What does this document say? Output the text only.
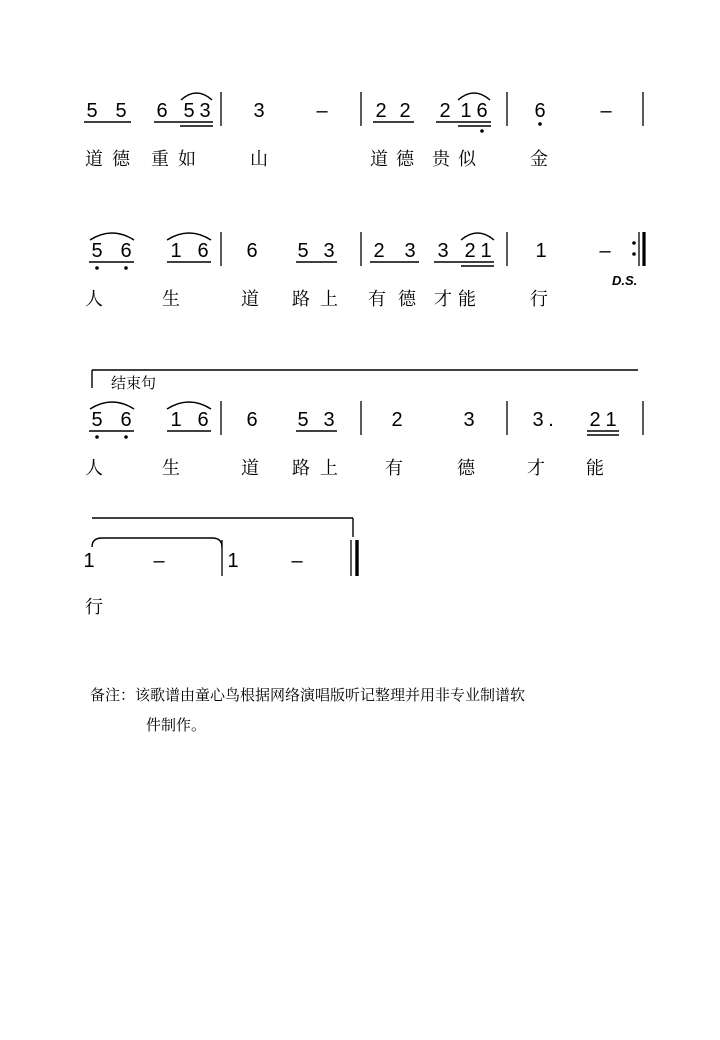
5 5 6 5 3 3	– 2 2 2 1 6 6	–
5 6 1 6 6 5 3 2 3 3 2 1 1	–
5 6 1 6 6 5 3	2	3	3 . 2 1
1	–	1	–
道 德 重 如	山	道 德 贵 似	金
人	生	道 路 上 有 德 才 能	行
D.S.
结束句
人	生	道 路 上	有	德	才 能
行
备注：该歌谱由童心鸟根据网络演唱版听记整理并用非专业制谱软
件制作。
